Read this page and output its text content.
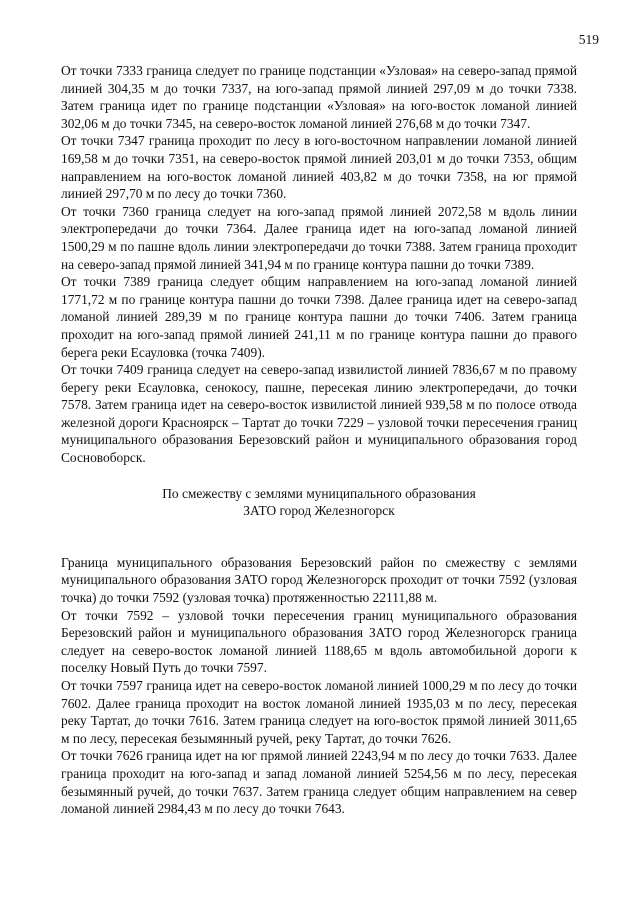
519

От точки 7333 граница следует по границе подстанции «Узловая» на северо-запад прямой линией 304,35 м до точки 7337, на юго-запад прямой линией 297,09 м до точки 7338. Затем граница идет по границе подстанции «Узловая» на юго-восток ломаной линией 302,06 м до точки 7345, на северо-восток ломаной линией 276,68 м до точки 7347.

От точки 7347 граница проходит по лесу в юго-восточном направлении ломаной линией 169,58 м до точки 7351, на северо-восток прямой линией 203,01 м до точки 7353, общим направлением на юго-восток ломаной линией 403,82 м до точки 7358, на юг прямой линией 297,70 м по лесу до точки 7360.

От точки 7360 граница следует на юго-запад прямой линией 2072,58 м вдоль линии электропередачи до точки 7364. Далее граница идет на юго-запад ломаной линией 1500,29 м по пашне вдоль линии электропередачи до точки 7388. Затем граница проходит на северо-запад прямой линией 341,94 м по границе контура пашни до точки 7389.

От точки 7389 граница следует общим направлением на юго-запад ломаной линией 1771,72 м по границе контура пашни до точки 7398. Далее граница идет на северо-запад ломаной линией 289,39 м по границе контура пашни до точки 7406. Затем граница проходит на юго-запад прямой линией 241,11 м по границе контура пашни до правого берега реки Есауловка (точка 7409).

От точки 7409 граница следует на северо-запад извилистой линией 7836,67 м по правому берегу реки Есауловка, сенокосу, пашне, пересекая линию электропередачи, до точки 7578. Затем граница идет на северо-восток извилистой линией 939,58 м по полосе отвода железной дороги Красноярск – Тартат до точки 7229 – узловой точки пересечения границ муниципального образования Березовский район и муниципального образования город Сосновоборск.

По смежеству с землями муниципального образования
ЗАТО город Железногорск

Граница муниципального образования Березовский район по смежеству с землями муниципального образования ЗАТО город Железногорск проходит от точки 7592 (узловая точка) до точки 7592 (узловая точка) протяженностью 22111,88 м.

От точки 7592 – узловой точки пересечения границ муниципального образования Березовский район и муниципального образования ЗАТО город Железногорск граница следует на северо-восток ломаной линией 1188,65 м вдоль автомобильной дороги к поселку Новый Путь до точки 7597.

От точки 7597 граница идет на северо-восток ломаной линией 1000,29 м по лесу до точки 7602. Далее граница проходит на восток ломаной линией 1935,03 м по лесу, пересекая реку Тартат, до точки 7616. Затем граница следует на юго-восток прямой линией 3011,65 м по лесу, пересекая безымянный ручей, реку Тартат, до точки 7626.

От точки 7626 граница идет на юг прямой линией 2243,94 м по лесу до точки 7633. Далее граница проходит на юго-запад и запад ломаной линией 5254,56 м по лесу, пересекая безымянный ручей, до точки 7637. Затем граница следует общим направлением на север ломаной линией 2984,43 м по лесу до точки 7643.
